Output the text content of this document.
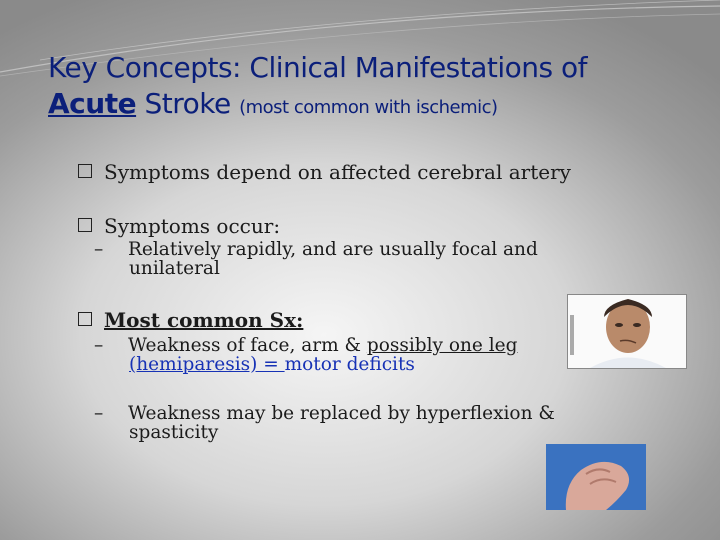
Key Concepts: Clinical Manifestations of
Acute Stroke (most common with ischemic)
Symptoms depend on affected cerebral artery
Symptoms occur:
– Relatively rapidly, and are usually focal and
unilateral
Most common Sx:
– Weakness of face, arm & possibly one leg
(hemiparesis) = motor deficits
– Weakness may be replaced by hyperflexion &
spasticity
